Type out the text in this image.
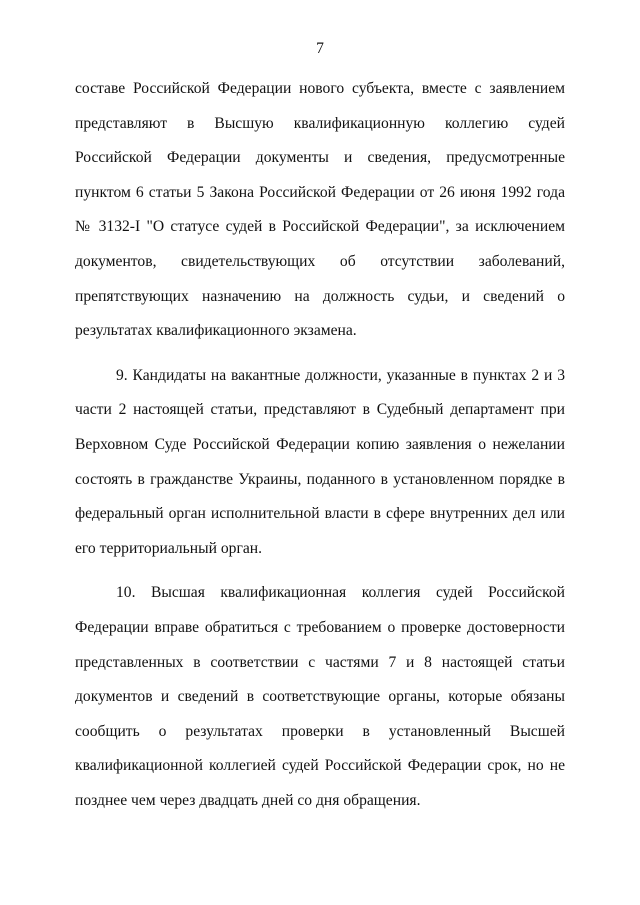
7

составе Российской Федерации нового субъекта, вместе с заявлением представляют в Высшую квалификационную коллегию судей Российской Федерации документы и сведения, предусмотренные пунктом 6 статьи 5 Закона Российской Федерации от 26 июня 1992 года № 3132-I "О статусе судей в Российской Федерации", за исключением документов, свидетельствующих об отсутствии заболеваний, препятствующих назначению на должность судьи, и сведений о результатах квалификационного экзамена.

9. Кандидаты на вакантные должности, указанные в пунктах 2 и 3 части 2 настоящей статьи, представляют в Судебный департамент при Верховном Суде Российской Федерации копию заявления о нежелании состоять в гражданстве Украины, поданного в установленном порядке в федеральный орган исполнительной власти в сфере внутренних дел или его территориальный орган.

10. Высшая квалификационная коллегия судей Российской Федерации вправе обратиться с требованием о проверке достоверности представленных в соответствии с частями 7 и 8 настоящей статьи документов и сведений в соответствующие органы, которые обязаны сообщить о результатах проверки в установленный Высшей квалификационной коллегией судей Российской Федерации срок, но не позднее чем через двадцать дней со дня обращения.
